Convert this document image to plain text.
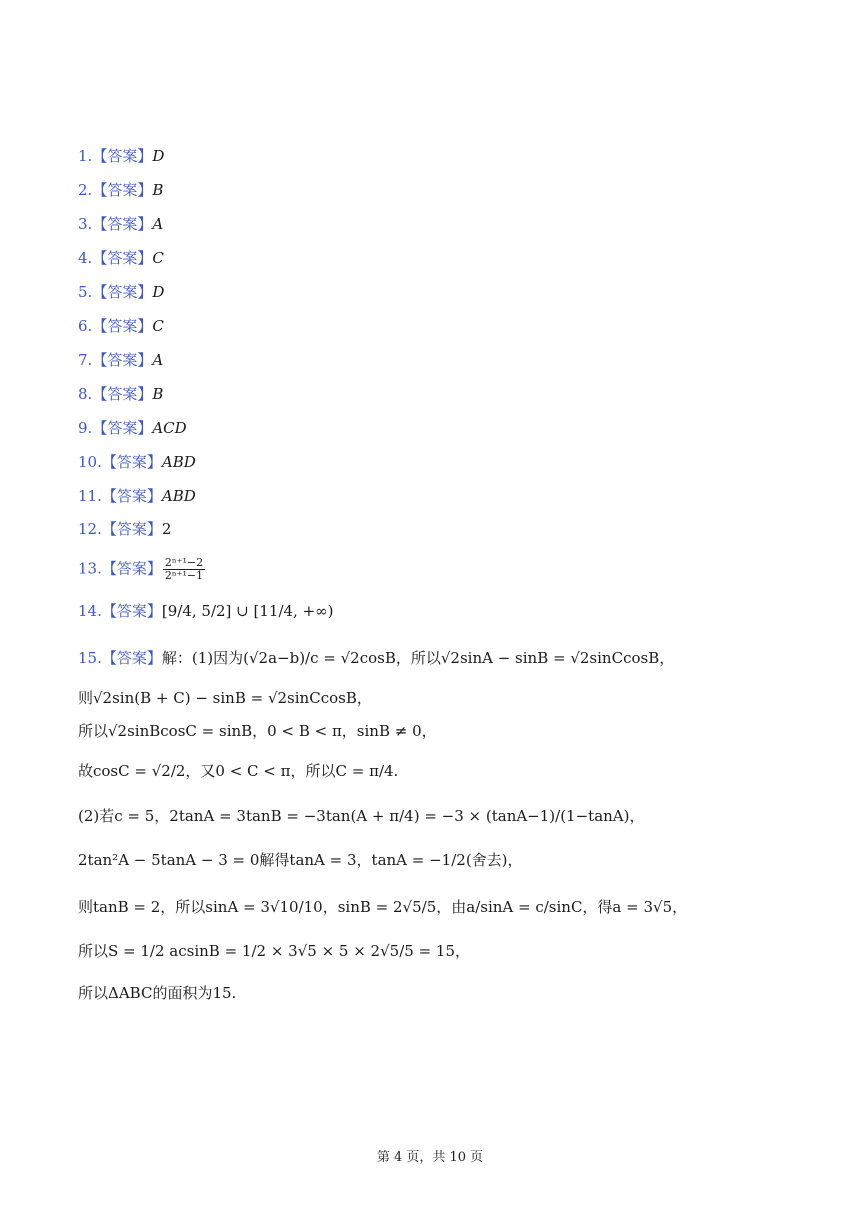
1.【答案】D
2.【答案】B
3.【答案】A
4.【答案】C
5.【答案】D
6.【答案】C
7.【答案】A
8.【答案】B
9.【答案】ACD
10.【答案】ABD
11.【答案】ABD
12.【答案】2
13.【答案】 $\frac{\text{2ⁿ⁺¹−2}}{\text{2ⁿ⁺¹−1}}$
14.【答案】[9/4, 5/2] ∪ [11/4, +∞)
15.【答案】解：(1)因为(√2a−b)/c = √2cosB，所以√2sinA − sinB = √2sinCcosB，
则√2sin(B + C) − sinB = √2sinCcosB，
所以√2sinBcosC = sinB，0 < B < π，sinB ≠ 0，
故cosC = √2/2，又0 < C < π，所以C = π/4.
(2)若c = 5，2tanA = 3tanB = −3tan(A + π/4) = −3 × (tanA−1)/(1−tanA)，
2tan²A − 5tanA − 3 = 0解得tanA = 3，tanA = −1/2(舍去)，
则tanB = 2，所以sinA = 3√10/10，sinB = 2√5/5，由a/sinA = c/sinC，得a = 3√5，
所以S = 1/2 acsinB = 1/2 × 3√5 × 5 × 2√5/5 = 15，
所以ΔABC的面积为15.
第 4 页，共 10 页
